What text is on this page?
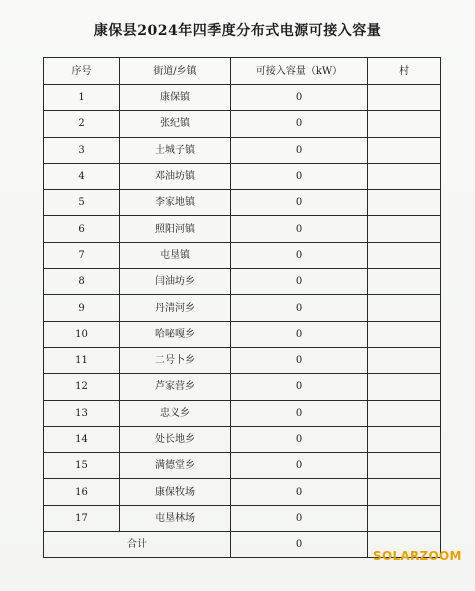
康保县2024年四季度分布式电源可接入容量
序号	街道/乡镇	可接入容量（kW）	村
1	康保镇	0	
2	张纪镇	0	
3	土城子镇	0	
4	邓油坊镇	0	
5	李家地镇	0	
6	照阳河镇	0	
7	屯垦镇	0	
8	闫油坊乡	0	
9	丹清河乡	0	
10	哈咇嘎乡	0	
11	二号卜乡	0	
12	芦家营乡	0	
13	忠义乡	0	
14	处长地乡	0	
15	满德堂乡	0	
16	康保牧场	0	
17	屯垦林场	0	
合计		0	
SOLARZOOM
